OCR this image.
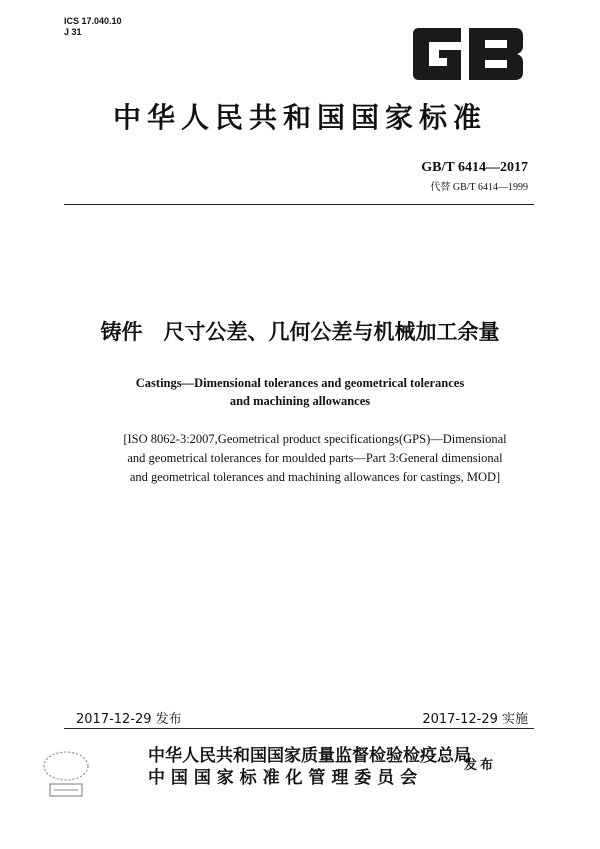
ICS 17.040.10
J 31
中华人民共和国国家标准
GB/T 6414—2017
代替 GB/T 6414—1999
铸件　尺寸公差、几何公差与机械加工余量
Castings—Dimensional tolerances and geometrical tolerances
and machining allowances
[ISO 8062-3:2007,Geometrical product specificationgs(GPS)—Dimensional
and geometrical tolerances for moulded parts—Part 3:General dimensional
and geometrical tolerances and machining allowances for castings, MOD]
2017-12-29 发布	2017-12-29 实施
中华人民共和国国家质量监督检验检疫总局
中 国 国 家 标 准 化 管 理 委 员 会
发布
